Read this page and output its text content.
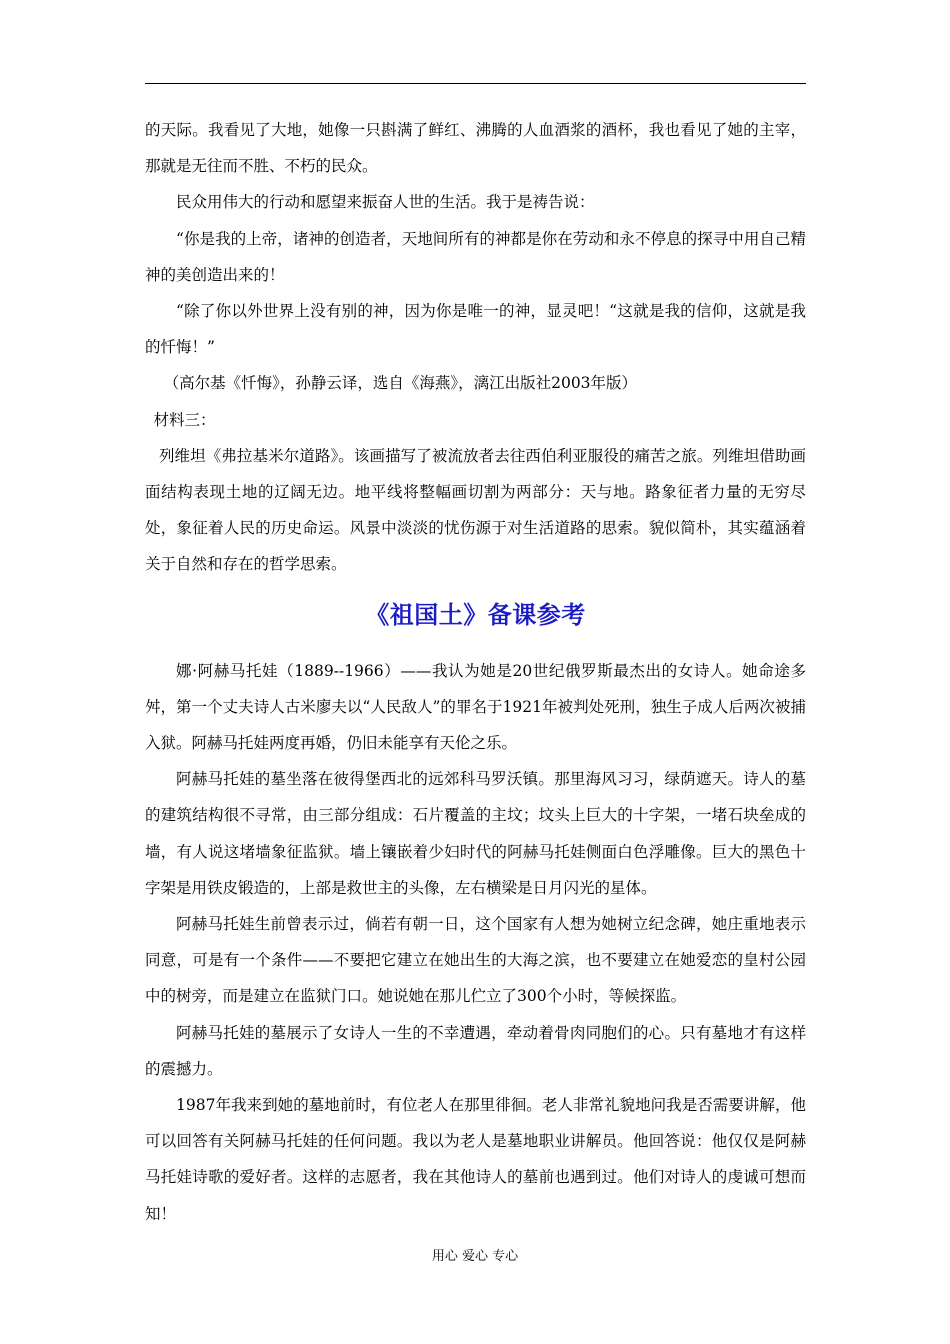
的天际。我看见了大地，她像一只斟满了鲜红、沸腾的人血酒浆的酒杯，我也看见了她的主宰，那就是无往而不胜、不朽的民众。

民众用伟大的行动和愿望来振奋人世的生活。我于是祷告说：

“你是我的上帝，诸神的创造者，天地间所有的神都是你在劳动和永不停息的探寻中用自己精神的美创造出来的！

“除了你以外世界上没有别的神，因为你是唯一的神，显灵吧！“这就是我的信仰，这就是我的忏悔！”

（高尔基《忏悔》，孙静云译，选自《海燕》，漓江出版社2003年版）

材料三：

列维坦《弗拉基米尔道路》。该画描写了被流放者去往西伯利亚服役的痛苦之旅。列维坦借助画面结构表现土地的辽阔无边。地平线将整幅画切割为两部分：天与地。路象征者力量的无穷尽处，象征着人民的历史命运。风景中淡淡的忧伤源于对生活道路的思索。貌似简朴，其实蕴涵着关于自然和存在的哲学思索。

《祖国土》备课参考

娜·阿赫马托娃（1889--1966）——我认为她是20世纪俄罗斯最杰出的女诗人。她命途多舛，第一个丈夫诗人古米廖夫以“人民敌人”的罪名于1921年被判处死刑，独生子成人后两次被捕入狱。阿赫马托娃两度再婚，仍旧未能享有天伦之乐。

阿赫马托娃的墓坐落在彼得堡西北的远郊科马罗沃镇。那里海风习习，绿荫遮天。诗人的墓的建筑结构很不寻常，由三部分组成：石片覆盖的主坟；坟头上巨大的十字架，一堵石块垒成的墙，有人说这堵墙象征监狱。墙上镶嵌着少妇时代的阿赫马托娃侧面白色浮雕像。巨大的黑色十字架是用铁皮锻造的，上部是救世主的头像，左右横梁是日月闪光的星体。

阿赫马托娃生前曾表示过，倘若有朝一日，这个国家有人想为她树立纪念碑，她庄重地表示同意，可是有一个条件——不要把它建立在她出生的大海之滨，也不要建立在她爱恋的皇村公园中的树旁，而是建立在监狱门口。她说她在那儿伫立了300个小时，等候探监。

阿赫马托娃的墓展示了女诗人一生的不幸遭遇，牵动着骨肉同胞们的心。只有墓地才有这样的震撼力。

1987年我来到她的墓地前时，有位老人在那里徘徊。老人非常礼貌地问我是否需要讲解，他可以回答有关阿赫马托娃的任何问题。我以为老人是墓地职业讲解员。他回答说：他仅仅是阿赫马托娃诗歌的爱好者。这样的志愿者，我在其他诗人的墓前也遇到过。他们对诗人的虔诚可想而知！

用心 爱心 专心
